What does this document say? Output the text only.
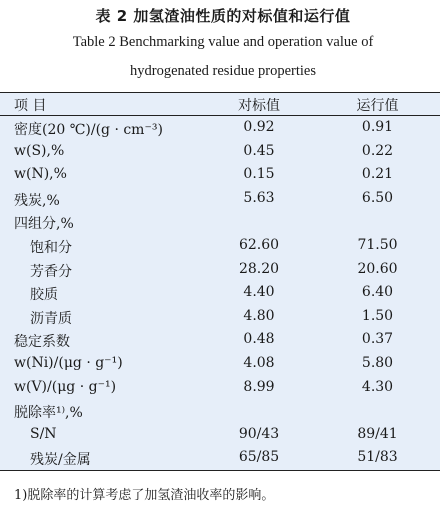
表 2 加氢渣油性质的对标值和运行值
Table 2 Benchmarking value and operation value of
hydrogenated residue properties
项 目	对标值	运行值
密度(20 ℃)/(g · cm⁻³)	0.92	0.91
w(S),%	0.45	0.22
w(N),%	0.15	0.21
残炭,%	5.63	6.50
四组分,%
饱和分	62.60	71.50
芳香分	28.20	20.60
胶质	4.40	6.40
沥青质	4.80	1.50
稳定系数	0.48	0.37
w(Ni)/(μg · g⁻¹)	4.08	5.80
w(V)/(μg · g⁻¹)	8.99	4.30
脱除率¹⁾,%
S/N	90/43	89/41
残炭/金属	65/85	51/83
1)脱除率的计算考虑了加氢渣油收率的影响。
